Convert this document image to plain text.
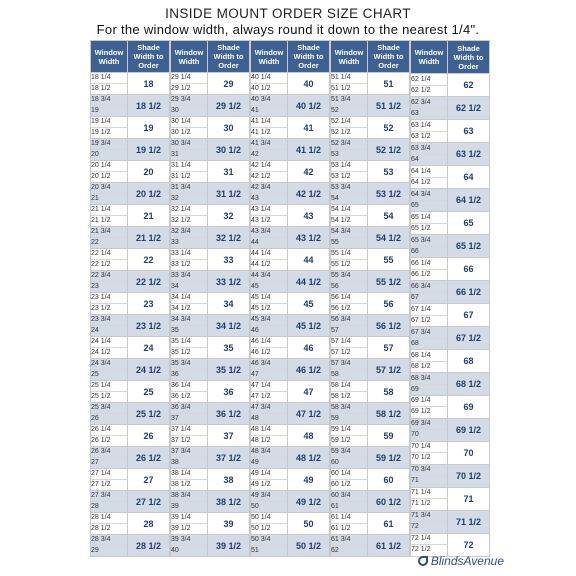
INSIDE MOUNT ORDER SIZE CHART
For the window width, always round it down to the nearest 1/4".
Window Width	Shade Width to Order

18 1/4
18 1/2	18

18 3/4
19	18 1/2

19 1/4
19 1/2	19

19 3/4
20	19 1/2

20 1/4
20 1/2	20

20 3/4
21	20 1/2

21 1/4
21 1/2	21

21 3/4
22	21 1/2

22 1/4
22 1/2	22

22 3/4
23	22 1/2

23 1/4
23 1/2	23

23 3/4
24	23 1/2

24 1/4
24 1/2	24

24 3/4
25	24 1/2

25 1/4
25 1/2	25

25 3/4
26	25 1/2

26 1/4
26 1/2	26

26 3/4
27	26 1/2

27 1/4
27 1/2	27

27 3/4
28	27 1/2

28 1/4
28 1/2	28

28 3/4
29	28 1/2
Window Width	Shade Width to Order

29 1/4
29 1/2	29

29 3/4
30	29 1/2

30 1/4
30 1/2	30

30 3/4
31	30 1/2

31 1/4
31 1/2	31

31 3/4
32	31 1/2

32 1/4
32 1/2	32

32 3/4
33	32 1/2

33 1/4
33 1/2	33

33 3/4
34	33 1/2

34 1/4
34 1/2	34

34 3/4
35	34 1/2

35 1/4
35 1/2	35

35 3/4
36	35 1/2

36 1/4
36 1/2	36

36 3/4
37	36 1/2

37 1/4
37 1/2	37

37 3/4
38	37 1/2

38 1/4
38 1/2	38

38 3/4
39	38 1/2

39 1/4
39 1/2	39

39 3/4
40	39 1/2
Window Width	Shade Width to Order

40 1/4
40 1/2	40

40 3/4
41	40 1/2

41 1/4
41 1/2	41

41 3/4
42	41 1/2

42 1/4
42 1/2	42

42 3/4
43	42 1/2

43 1/4
43 1/2	43

43 3/4
44	43 1/2

44 1/4
44 1/2	44

44 3/4
45	44 1/2

45 1/4
45 1/2	45

45 3/4
46	45 1/2

46 1/4
46 1/2	46

46 3/4
47	46 1/2

47 1/4
47 1/2	47

47 3/4
48	47 1/2

48 1/4
48 1/2	48

48 3/4
49	48 1/2

49 1/4
49 1/2	49

49 3/4
50	49 1/2

50 1/4
50 1/2	50

50 3/4
51	50 1/2
Window Width	Shade Width to Order

51 1/4
51 1/2	51

51 3/4
52	51 1/2

52 1/4
52 1/2	52

52 3/4
53	52 1/2

53 1/4
53 1/2	53

53 3/4
54	53 1/2

54 1/4
54 1/2	54

54 3/4
55	54 1/2

55 1/4
55 1/2	55

55 3/4
56	55 1/2

56 1/4
56 1/2	56

56 3/4
57	56 1/2

57 1/4
57 1/2	57

57 3/4
58	57 1/2

58 1/4
58 1/2	58

58 3/4
59	58 1/2

59 1/4
59 1/2	59

59 3/4
60	59 1/2

60 1/4
60 1/2	60

60 3/4
61	60 1/2

61 1/4
61 1/2	61

61 3/4
62	61 1/2
Window Width	Shade Width to Order

62 1/4
62 1/2	62

62 3/4
63	62 1/2

63 1/4
63 1/2	63

63 3/4
64	63 1/2

64 1/4
64 1/2	64

64 3/4
65	64 1/2

65 1/4
65 1/2	65

65 3/4
66	65 1/2

66 1/4
66 1/2	66

66 3/4
67	66 1/2

67 1/4
67 1/2	67

67 3/4
68	67 1/2

68 1/4
68 1/2	68

68 3/4
69	68 1/2

69 1/4
69 1/2	69

69 3/4
70	69 1/2

70 1/4
70 1/2	70

70 3/4
71	70 1/2

71 1/4
71 1/2	71

71 3/4
72	71 1/2

72 1/4
72 1/2	72
BlindsAvenue
